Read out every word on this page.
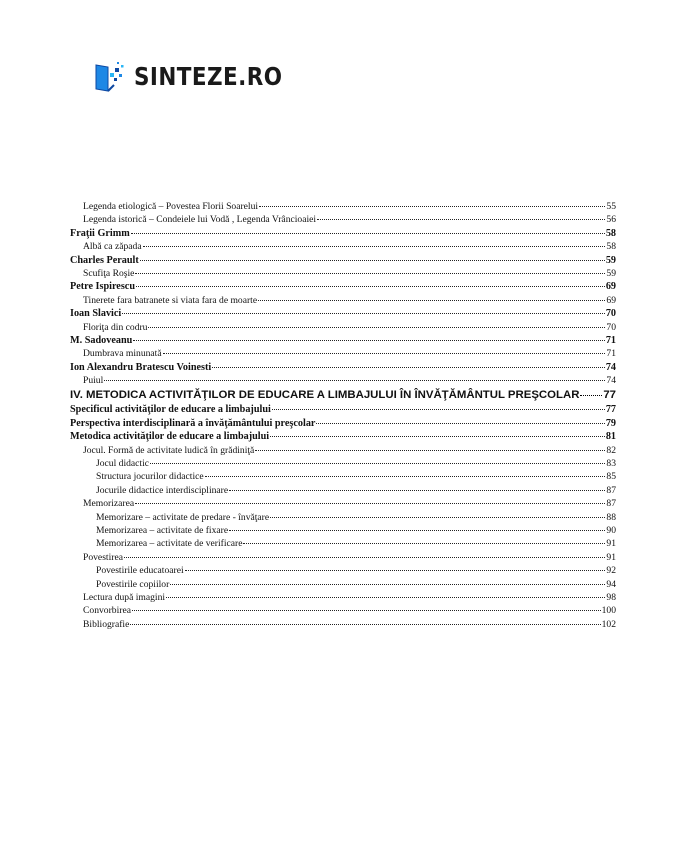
SINTEZE.RO
Legenda etiologică – Povestea Florii Soarelui	55
Legenda istorică – Condeiele lui Vodă , Legenda Vrâncioaiei	56
Fraţii Grimm	58
Albă ca zăpada	58
Charles Perault	59
Scufiţa Roşie	59
Petre Ispirescu	69
Tinerete fara batranete si viata fara de moarte	69
Ioan Slavici	70
Floriţa din codru	70
M. Sadoveanu	71
Dumbrava minunată	71
Ion Alexandru Bratescu Voinesti	74
Puiul	74
IV. METODICA ACTIVITĂŢILOR DE EDUCARE A LIMBAJULUI ÎN ÎNVĂŢĂMÂNTUL PREŞCOLAR 77
Specificul activităţilor de educare a limbajului	77
Perspectiva interdisciplinară a învăţământului preşcolar	79
Metodica activităţilor de educare a limbajului	81
Jocul. Formă de activitate ludică în grădiniţă	82
Jocul didactic	83
Structura jocurilor didactice	85
Jocurile didactice interdisciplinare	87
Memorizarea	87
Memorizare – activitate de predare - învăţare	88
Memorizarea – activitate de fixare	90
Memorizarea – activitate de verificare	91
Povestirea	91
Povestirile educatoarei	92
Povestirile copiilor	94
Lectura după imagini	98
Convorbirea	100
Bibliografie	102
